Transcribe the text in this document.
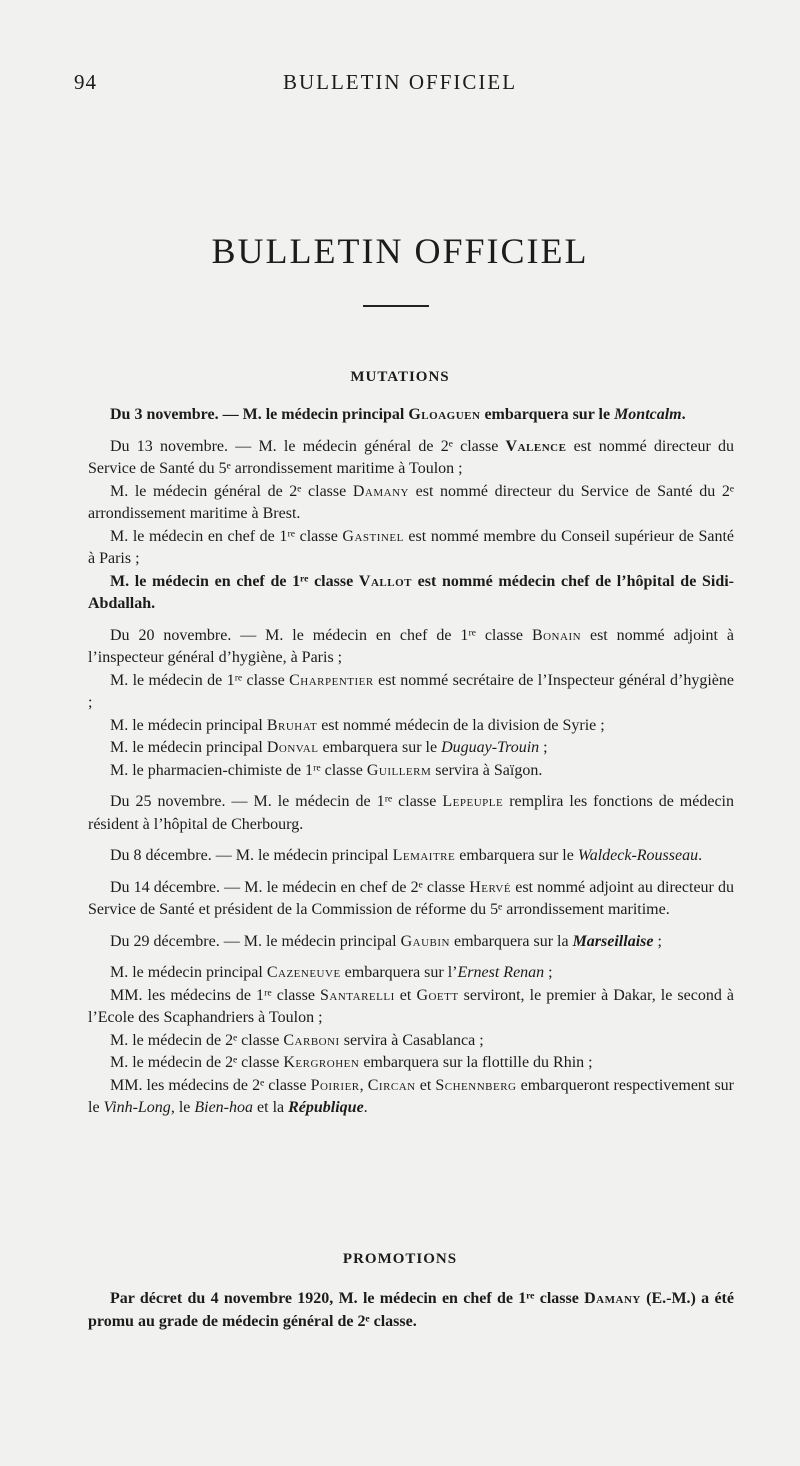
94	BULLETIN OFFICIEL
BULLETIN OFFICIEL
MUTATIONS

Du 3 novembre. — M. le médecin principal Gloaguen embarquera sur le Montcalm.

Du 13 novembre. — M. le médecin général de 2ᵉ classe Valence est nommé directeur du Service de Santé du 5ᵉ arrondissement maritime à Toulon ;

M. le médecin général de 2ᵉ classe Damany est nommé directeur du Service de Santé du 2ᵉ arrondissement maritime à Brest.

M. le médecin en chef de 1ʳᵉ classe Gastinel est nommé membre du Conseil supérieur de Santé à Paris ;

M. le médecin en chef de 1ʳᵉ classe Vallot est nommé médecin chef de l’hôpital de Sidi-Abdallah.

Du 20 novembre. — M. le médecin en chef de 1ʳᵉ classe Bonain est nommé adjoint à l’inspecteur général d’hygiène, à Paris ;

M. le médecin de 1ʳᵉ classe Charpentier est nommé secrétaire de l’Inspecteur général d’hygiène ;

M. le médecin principal Bruhat est nommé médecin de la division de Syrie ;

M. le médecin principal Donval embarquera sur le Duguay-Trouin ;

M. le pharmacien-chimiste de 1ʳᵉ classe Guillerm servira à Saïgon.

Du 25 novembre. — M. le médecin de 1ʳᵉ classe Lepeuple remplira les fonctions de médecin résident à l’hôpital de Cherbourg.

Du 8 décembre. — M. le médecin principal Lemaitre embarquera sur le Waldeck-Rousseau.

Du 14 décembre. — M. le médecin en chef de 2ᵉ classe Hervé est nommé adjoint au directeur du Service de Santé et président de la Commission de réforme du 5ᵉ arrondissement maritime.

Du 29 décembre. — M. le médecin principal Gaubin embarquera sur la Marseillaise ;

M. le médecin principal Cazeneuve embarquera sur l’Ernest Renan ;

MM. les médecins de 1ʳᵉ classe Santarelli et Goett serviront, le premier à Dakar, le second à l’Ecole des Scaphandriers à Toulon ;

M. le médecin de 2ᵉ classe Carboni servira à Casablanca ;

M. le médecin de 2ᵉ classe Kergrohen embarquera sur la flottille du Rhin ;

MM. les médecins de 2ᵉ classe Poirier, Circan et Schennberg embarqueront respectivement sur le Vinh-Long, le Bien-hoa et la République.

PROMOTIONS

Par décret du 4 novembre 1920, M. le médecin en chef de 1ʳᵉ classe Damany (E.-M.) a été promu au grade de médecin général de 2ᵉ classe.
